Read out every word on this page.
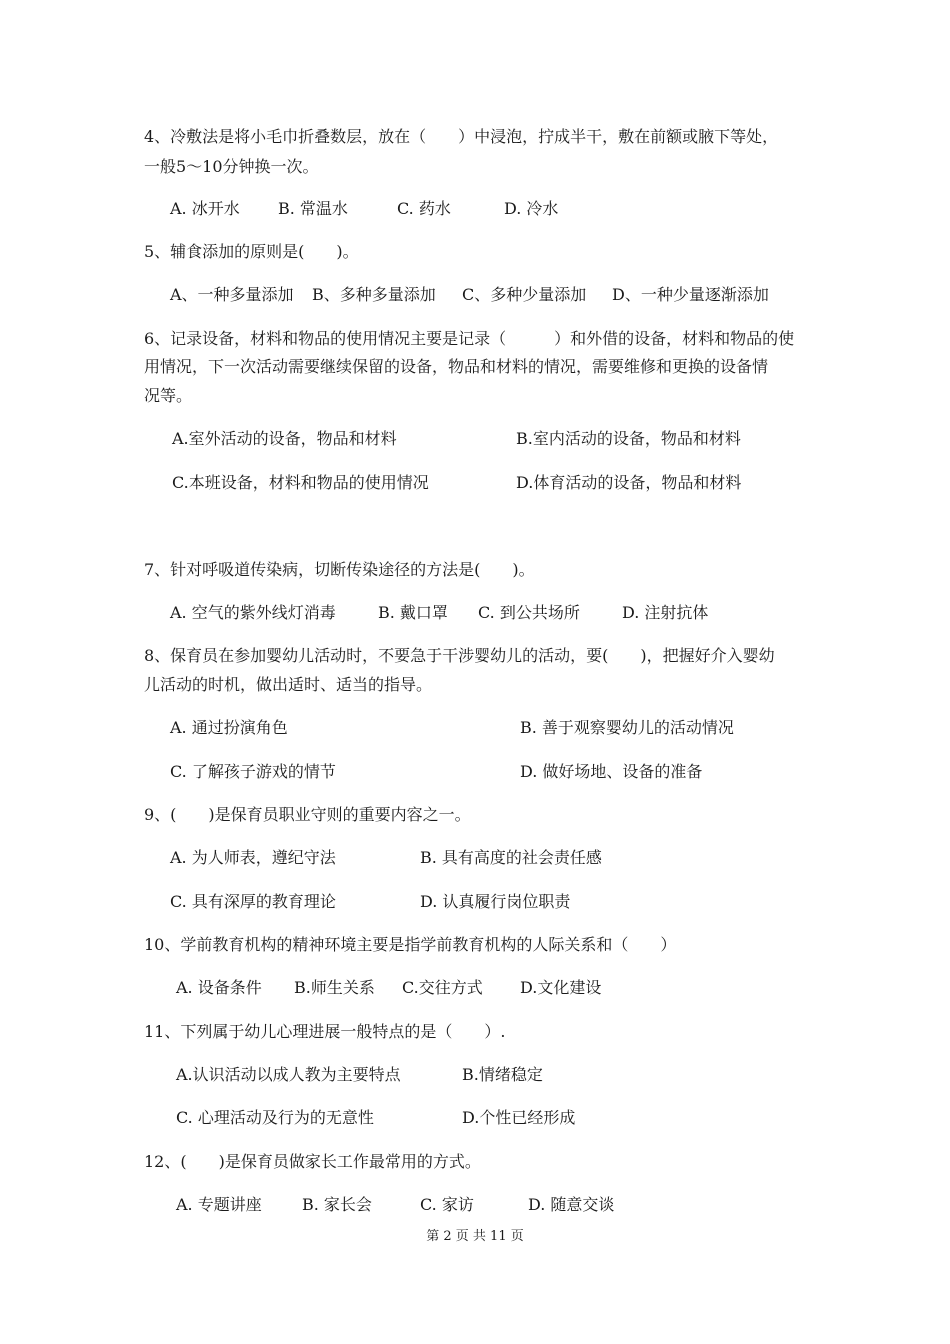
4、冷敷法是将小毛巾折叠数层，放在（　　）中浸泡，拧成半干，敷在前额或腋下等处，
一般5～10分钟换一次。
A. 冰开水 B. 常温水	C. 药水	D. 冷水
5、辅食添加的原则是(　　)。
A、一种多量添加 B、多种多量添加 C、多种少量添加 D、一种少量逐渐添加
6、记录设备，材料和物品的使用情况主要是记录（　　　）和外借的设备，材料和物品的使
用情况，下一次活动需要继续保留的设备，物品和材料的情况，需要维修和更换的设备情
况等。
A.室外活动的设备，物品和材料	B.室内活动的设备，物品和材料
C.本班设备，材料和物品的使用情况	D.体育活动的设备，物品和材料
7、针对呼吸道传染病，切断传染途径的方法是(　　)。
A. 空气的紫外线灯消毒	B. 戴口罩 C. 到公共场所	D. 注射抗体
8、保育员在参加婴幼儿活动时，不要急于干涉婴幼儿的活动，要(　　)，把握好介入婴幼
儿活动的时机，做出适时、适当的指导。
A. 通过扮演角色	B. 善于观察婴幼儿的活动情况
C. 了解孩子游戏的情节	D. 做好场地、设备的准备
9、(　　)是保育员职业守则的重要内容之一。
A. 为人师表，遵纪守法	B. 具有高度的社会责任感
C. 具有深厚的教育理论	D. 认真履行岗位职责
10、学前教育机构的精神环境主要是指学前教育机构的人际关系和（　　）
A. 设备条件 B.师生关系 C.交往方式 D.文化建设
11、下列属于幼儿心理进展一般特点的是（　　）.
A.认识活动以成人教为主要特点	B.情绪稳定
C. 心理活动及行为的无意性	D.个性已经形成
12、(　　)是保育员做家长工作最常用的方式。
A. 专题讲座	B. 家长会	C. 家访	D. 随意交谈
第 2 页 共 11 页
